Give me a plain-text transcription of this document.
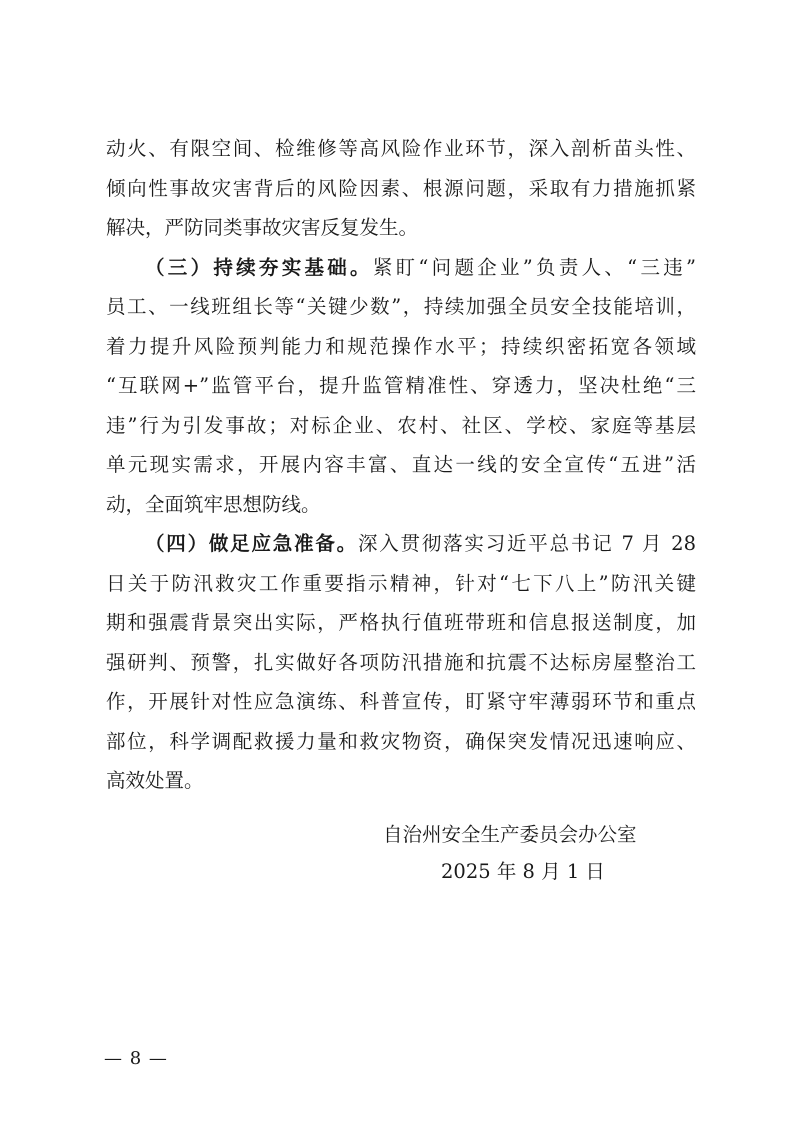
动火、有限空间、检维修等高风险作业环节，深入剖析苗头性、
倾向性事故灾害背后的风险因素、根源问题，采取有力措施抓紧
解决，严防同类事故灾害反复发生。
（三）持续夯实基础。紧盯“问题企业”负责人、“三违”
员工、一线班组长等“关键少数”，持续加强全员安全技能培训，
着力提升风险预判能力和规范操作水平；持续织密拓宽各领域
“互联网+”监管平台，提升监管精准性、穿透力，坚决杜绝“三
违”行为引发事故；对标企业、农村、社区、学校、家庭等基层
单元现实需求，开展内容丰富、直达一线的安全宣传“五进”活
动，全面筑牢思想防线。
（四）做足应急准备。深入贯彻落实习近平总书记 7 月 28
日关于防汛救灾工作重要指示精神，针对“七下八上”防汛关键
期和强震背景突出实际，严格执行值班带班和信息报送制度，加
强研判、预警，扎实做好各项防汛措施和抗震不达标房屋整治工
作，开展针对性应急演练、科普宣传，盯紧守牢薄弱环节和重点
部位，科学调配救援力量和救灾物资，确保突发情况迅速响应、
高效处置。
自治州安全生产委员会办公室
2025 年 8 月 1 日
— 8 —
